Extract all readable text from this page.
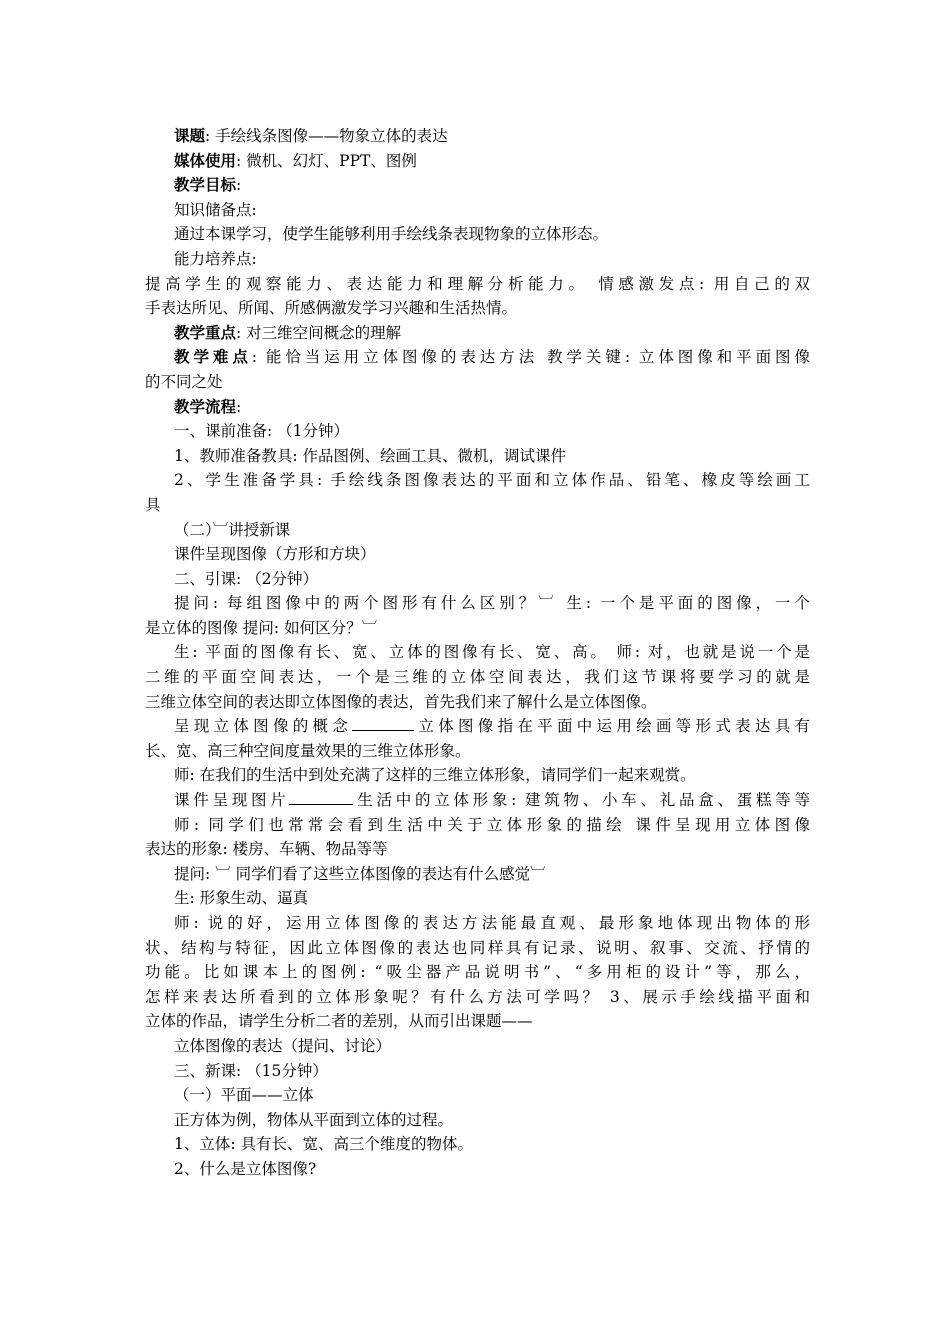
课题: 手绘线条图像——物象立体的表达
媒体使用: 微机、幻灯、PPT、图例
教学目标:
知识储备点:
通过本课学习，使学生能够利用手绘线条表现物象的立体形态。
能力培养点:
提高学生的观察能力、表达能力和理解分析能力。 情感激发点: 用自己的双
手表达所见、所闻、所感俩激发学习兴趣和生活热情。
教学重点: 对三维空间概念的理解
教学难点: 能恰当运用立体图像的表达方法 教学关键: 立体图像和平面图像
的不同之处
教学流程:
一、课前准备: （1分钟）
1、教师准备教具: 作品图例、绘画工具、微机，调试课件
2、学生准备学具: 手绘线条图像表达的平面和立体作品、铅笔、橡皮等绘画工
具
（二）︺讲授新课
课件呈现图像（方形和方块）
二、引课: （2分钟）
提问: 每组图像中的两个图形有什么区别？︺ 生: 一个是平面的图像，一个
是立体的图像 提问: 如何区分？︺
生: 平面的图像有长、宽、立体的图像有长、宽、高。 师: 对，也就是说一个是
二维的平面空间表达，一个是三维的立体空间表达，我们这节课将要学习的就是
三维立体空间的表达即立体图像的表达，首先我们来了解什么是立体图像。
呈现立体图像的概念	立体图像指在平面中运用绘画等形式表达具有
长、宽、高三种空间度量效果的三维立体形象。
师: 在我们的生活中到处充满了这样的三维立体形象，请同学们一起来观赏。
课件呈现图片	生活中的立体形象: 建筑物、小车、礼品盒、蛋糕等等
师: 同学们也常常会看到生活中关于立体形象的描绘 课件呈现用立体图像
表达的形象: 楼房、车辆、物品等等
提问: ︺ 同学们看了这些立体图像的表达有什么感觉︺
生: 形象生动、逼真
师: 说的好，运用立体图像的表达方法能最直观、最形象地体现出物体的形
状、结构与特征，因此立体图像的表达也同样具有记录、说明、叙事、交流、抒情的
功能。比如课本上的图例: “吸尘器产品说明书”、“多用柜的设计”等，那么，
怎样来表达所看到的立体形象呢？有什么方法可学吗？ 3、展示手绘线描平面和
立体的作品，请学生分析二者的差别，从而引出课题——
立体图像的表达（提问、讨论）
三、新课: （15分钟）
（一）平面——立体
正方体为例，物体从平面到立体的过程。
1、立体: 具有长、宽、高三个维度的物体。
2、什么是立体图像?
